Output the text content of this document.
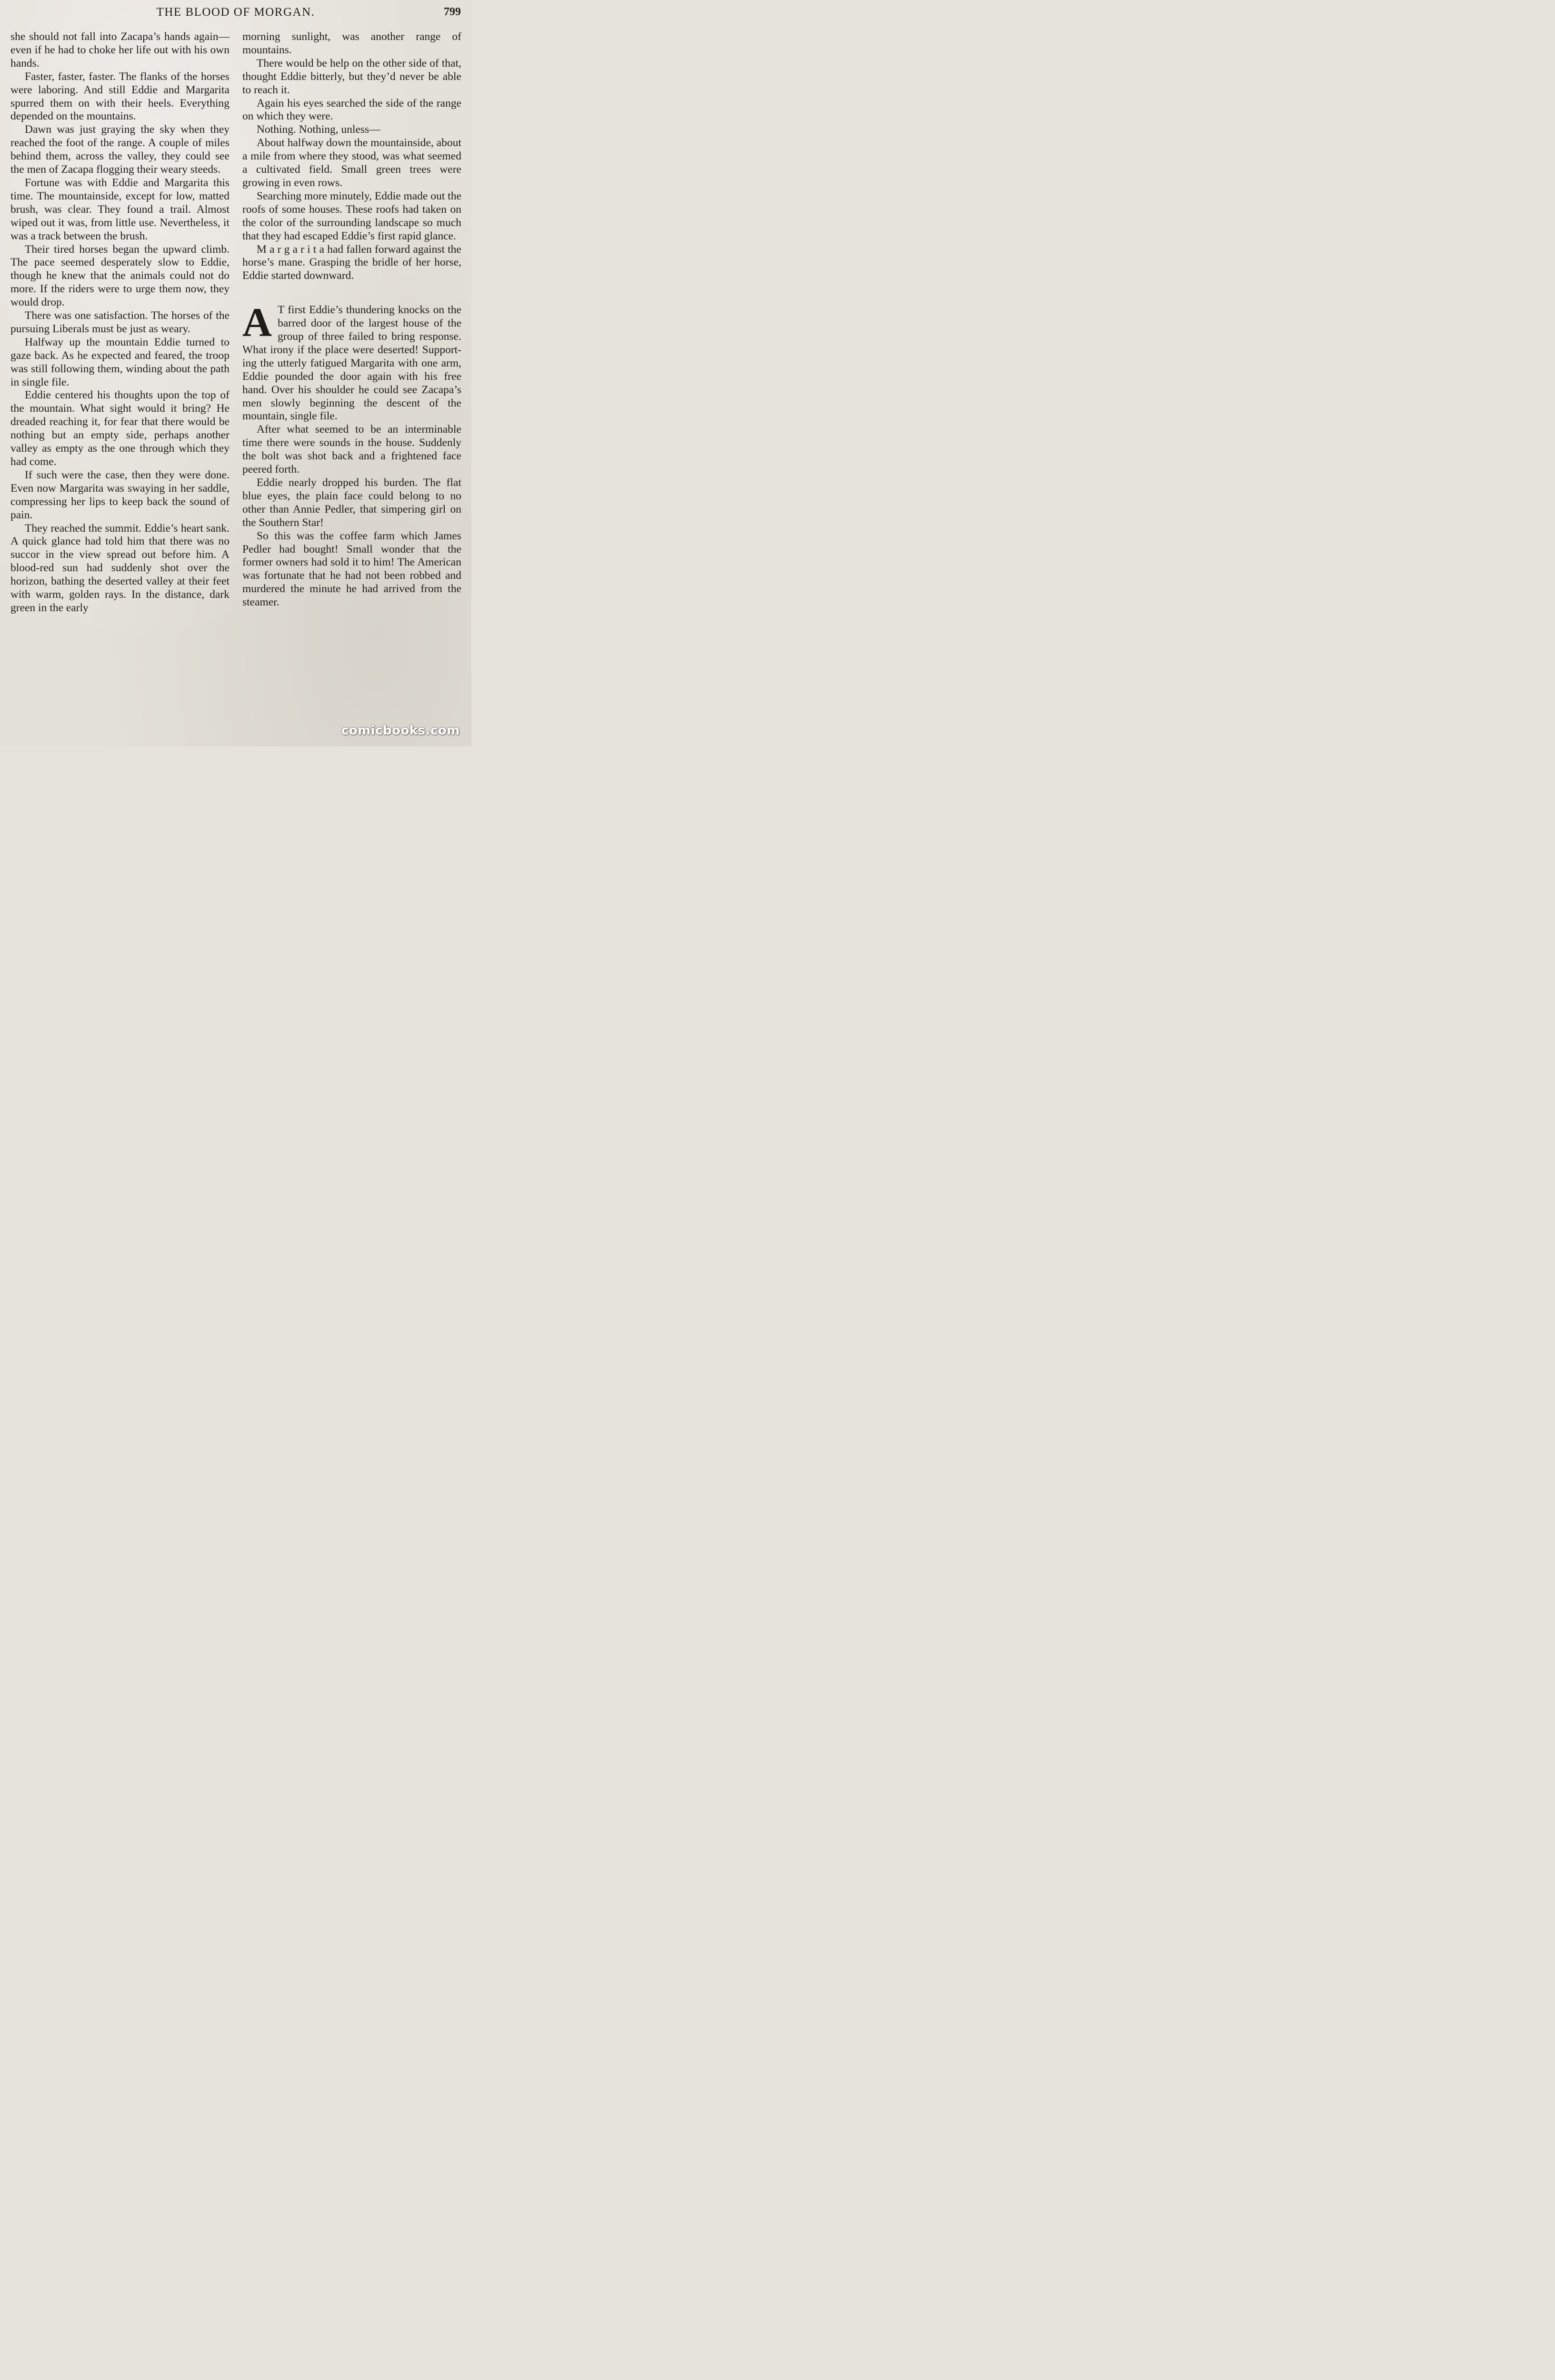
THE BLOOD OF MORGAN.	799

she should not fall into Zacapa’s hands again—even if he had to choke her life out with his own hands.

Faster, faster, faster. The flanks of the horses were laboring. And still Eddie and Margarita spurred them on with their heels. Everything depended on the mountains.

Dawn was just graying the sky when they reached the foot of the range. A couple of miles behind them, across the valley, they could see the men of Zacapa flogging their weary steeds.

Fortune was with Eddie and Margarita this time. The mountainside, except for low, matted brush, was clear. They found a trail. Almost wiped out it was, from little use. Nevertheless, it was a track between the brush.

Their tired horses began the upward climb. The pace seemed desperately slow to Eddie, though he knew that the animals could not do more. If the riders were to urge them now, they would drop.

There was one satisfaction. The horses of the pursuing Liberals must be just as weary.

Halfway up the mountain Eddie turned to gaze back. As he expected and feared, the troop was still following them, winding about the path in single file.

Eddie centered his thoughts upon the top of the mountain. What sight would it bring? He dreaded reaching it, for fear that there would be nothing but an empty side, perhaps another valley as empty as the one through which they had come.

If such were the case, then they were done. Even now Margarita was swaying in her saddle, compressing her lips to keep back the sound of pain.

They reached the summit. Eddie’s heart sank. A quick glance had told him that there was no succor in the view spread out before him. A blood-red sun had suddenly shot over the horizon, bathing the deserted valley at their feet with warm, golden rays. In the distance, dark green in the early

morning sunlight, was another range of mountains.

There would be help on the other side of that, thought Eddie bitterly, but they’d never be able to reach it.

Again his eyes searched the side of the range on which they were.

Nothing. Nothing, unless—

About halfway down the mountainside, about a mile from where they stood, was what seemed a cultivated field. Small green trees were growing in even rows.

Searching more minutely, Eddie made out the roofs of some houses. These roofs had taken on the color of the surrounding landscape so much that they had escaped Eddie’s first rapid glance.

M a r g a r i t a had fallen forward against the horse’s mane. Grasping the bridle of her horse, Eddie started downward.

A T first Eddie’s thundering knocks on the barred door of the largest house of the group of three failed to bring response. What irony if the place were deserted! Supporting the utterly fatigued Margarita with one arm, Eddie pounded the door again with his free hand. Over his shoulder he could see Zacapa’s men slowly beginning the descent of the mountain, single file.

After what seemed to be an interminable time there were sounds in the house. Suddenly the bolt was shot back and a frightened face peered forth.

Eddie nearly dropped his burden. The flat blue eyes, the plain face could belong to no other than Annie Pedler, that simpering girl on the Southern Star!

So this was the coffee farm which James Pedler had bought! Small wonder that the former owners had sold it to him! The American was fortunate that he had not been robbed and murdered the minute he had arrived from the steamer.

comicbooks.com
